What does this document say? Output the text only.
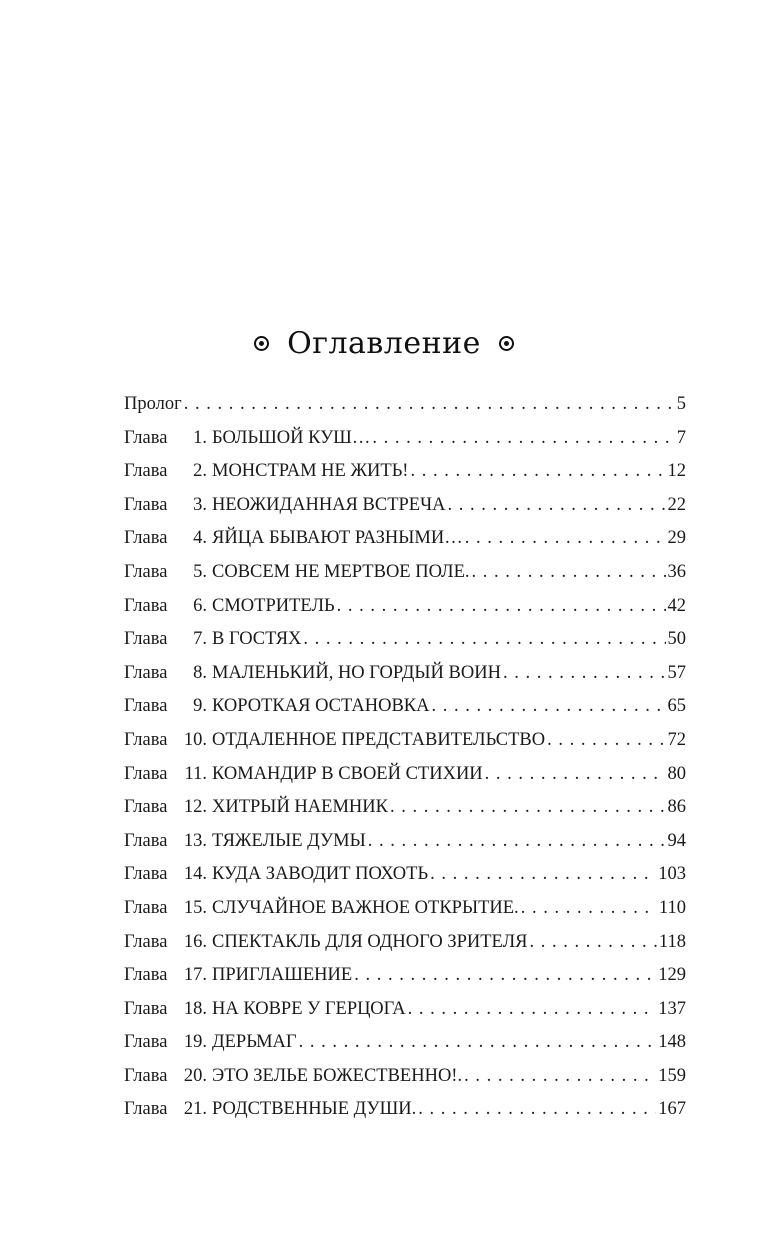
Оглавление
Пролог . . .	5
Глава	1. БОЛЬШОЙ КУШ… . . .	7
Глава	2. МОНСТРАМ НЕ ЖИТЬ! . . .	12
Глава	3. НЕОЖИДАННАЯ ВСТРЕЧА . . .	22
Глава	4. ЯЙЦА БЫВАЮТ РАЗНЫМИ… . . .	29
Глава	5. СОВСЕМ НЕ МЕРТВОЕ ПОЛЕ. . . .	36
Глава	6. СМОТРИТЕЛЬ . . .	42
Глава	7. В ГОСТЯХ . . .	50
Глава	8. МАЛЕНЬКИЙ, НО ГОРДЫЙ ВОИН . . .	57
Глава	9. КОРОТКАЯ ОСТАНОВКА . . .	65
Глава 10. ОТДАЛЕННОЕ ПРЕДСТАВИТЕЛЬСТВО . . .	72
Глава 11. КОМАНДИР В СВОЕЙ СТИХИИ . . .	80
Глава 12. ХИТРЫЙ НАЕМНИК . . .	86
Глава 13. ТЯЖЕЛЫЕ ДУМЫ . . .	94
Глава 14. КУДА ЗАВОДИТ ПОХОТЬ . . .	103
Глава 15. СЛУЧАЙНОЕ ВАЖНОЕ ОТКРЫТИЕ. . . .	110
Глава 16. СПЕКТАКЛЬ ДЛЯ ОДНОГО ЗРИТЕЛЯ . . .	118
Глава 17. ПРИГЛАШЕНИЕ . . .	129
Глава 18. НА КОВРЕ У ГЕРЦОГА . . .	137
Глава 19. ДЕРЬМАГ . . .	148
Глава 20. ЭТО ЗЕЛЬЕ БОЖЕСТВЕННО!. . . .	159
Глава 21. РОДСТВЕННЫЕ ДУШИ. . . .	167
